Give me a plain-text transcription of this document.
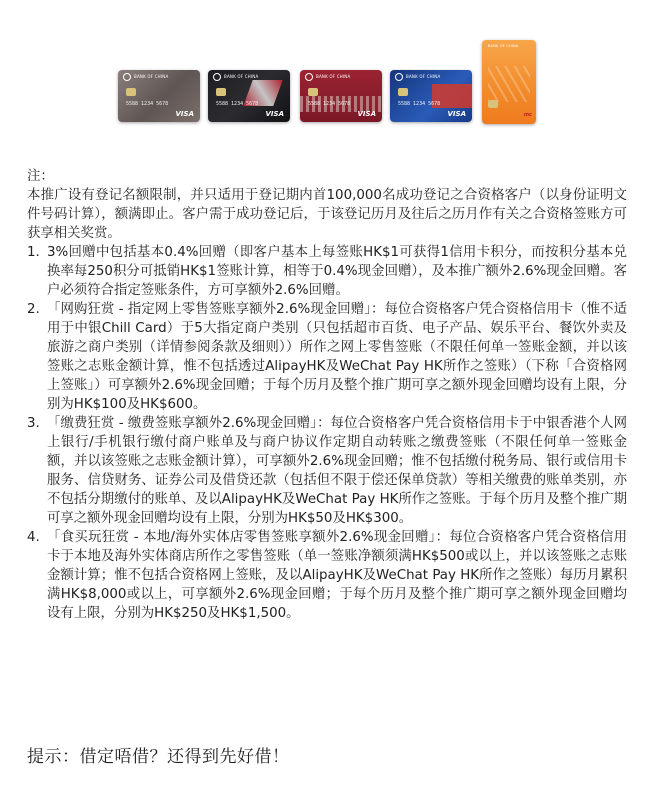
BANK OF CHINA
5588 1234 5678
VISA
BANK OF CHINA
5588 1234 5678
VISA
BANK OF CHINA
5588 1234 5678
VISA
BANK OF CHINA
5588 1234 5678
VISA
BANK OF CHINA
mc

注：

本推广设有登记名额限制，并只适用于登记期内首100,000名成功登记之合资格客户（以身份证明文件号码计算），额满即止。客户需于成功登记后，于该登记历月及往后之历月作有关之合资格签账方可获享相关奖赏。

1. 3%回赠中包括基本0.4%回赠（即客户基本上每签账HK$1可获得1信用卡积分，而按积分基本兑换率每250积分可抵销HK$1签账计算，相等于0.4%现金回赠），及本推广额外2.6%现金回赠。客户必须符合指定签账条件，方可享额外2.6%回赠。
2. 「网购狂赏 - 指定网上零售签账享额外2.6%现金回赠」：每位合资格客户凭合资格信用卡（惟不适用于中银Chill Card）于5大指定商户类别（只包括超市百货、电子产品、娱乐平台、餐饮外卖及旅游之商户类别（详情参阅条款及细则））所作之网上零售签账（不限任何单一签账金额，并以该签账之志账金额计算，惟不包括透过AlipayHK及WeChat Pay HK所作之签账）（下称「合资格网上签账」）可享额外2.6%现金回赠；于每个历月及整个推广期可享之额外现金回赠均设有上限，分别为HK$100及HK$600。
3. 「缴费狂赏 - 缴费签账享额外2.6%现金回赠」：每位合资格客户凭合资格信用卡于中银香港个人网上银行/手机银行缴付商户账单及与商户协议作定期自动转账之缴费签账（不限任何单一签账金额，并以该签账之志账金额计算），可享额外2.6%现金回赠；惟不包括缴付税务局、银行或信用卡服务、信贷财务、证券公司及借贷还款（包括但不限于偿还保单贷款）等相关缴费的账单类别，亦不包括分期缴付的账单、及以AlipayHK及WeChat Pay HK所作之签账。于每个历月及整个推广期可享之额外现金回赠均设有上限，分别为HK$50及HK$300。
4. 「食买玩狂赏 - 本地/海外实体店零售签账享额外2.6%现金回赠」：每位合资格客户凭合资格信用卡于本地及海外实体商店所作之零售签账（单一签账净额须满HK$500或以上，并以该签账之志账金额计算；惟不包括合资格网上签账，及以AlipayHK及WeChat Pay HK所作之签账）每历月累积满HK$8,000或以上，可享额外2.6%现金回赠；于每个历月及整个推广期可享之额外现金回赠均设有上限，分别为HK$250及HK$1,500。
提示：借定唔借？还得到先好借！
